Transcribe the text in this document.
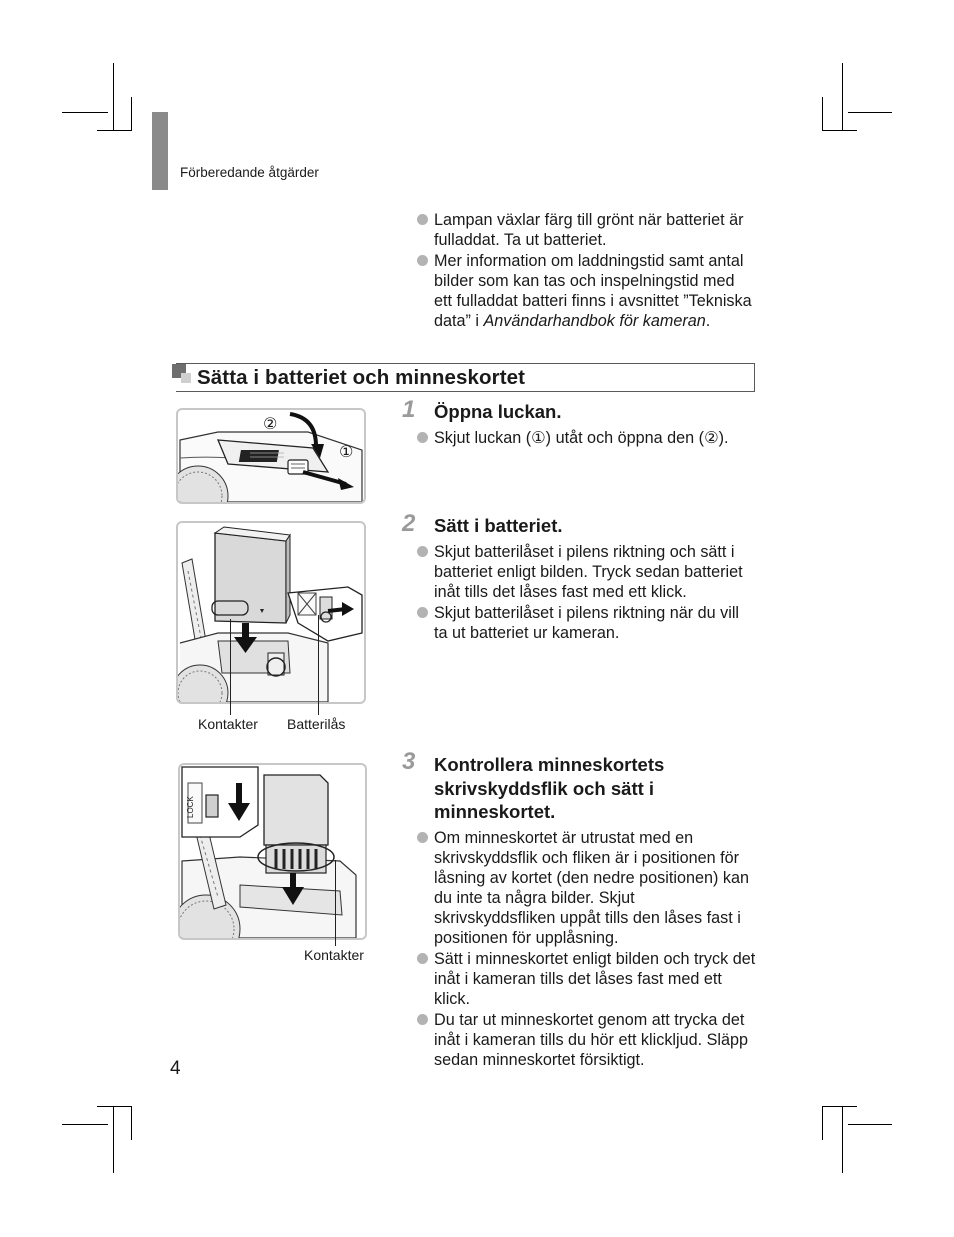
Förberedande åtgärder
Lampan växlar färg till grönt när batteriet är fulladdat. Ta ut batteriet.
Mer information om laddningstid samt antal bilder som kan tas och inspelningstid med ett fulladdat batteri finns i avsnittet ”Tekniska data” i Användarhandbok för kameran.
Sätta i batteriet och minneskortet
②
①
1 Öppna luckan.
Skjut luckan (①) utåt och öppna den (②).
Kontakter Batterilås
2 Sätt i batteriet.
Skjut batterilåset i pilens riktning och sätt i batteriet enligt bilden. Tryck sedan batteriet inåt tills det låses fast med ett klick.
Skjut batterilåset i pilens riktning när du vill ta ut batteriet ur kameran.
LOCK
Kontakter
3 Kontrollera minneskortets skrivskyddsflik och sätt i minneskortet.
Om minneskortet är utrustat med en skrivskyddsflik och fliken är i positionen för låsning av kortet (den nedre positionen) kan du inte ta några bilder. Skjut skrivskyddsfliken uppåt tills den låses fast i positionen för upplåsning.
Sätt i minneskortet enligt bilden och tryck det inåt i kameran tills det låses fast med ett klick.
Du tar ut minneskortet genom att trycka det inåt i kameran tills du hör ett klickljud. Släpp sedan minneskortet försiktigt.
4
